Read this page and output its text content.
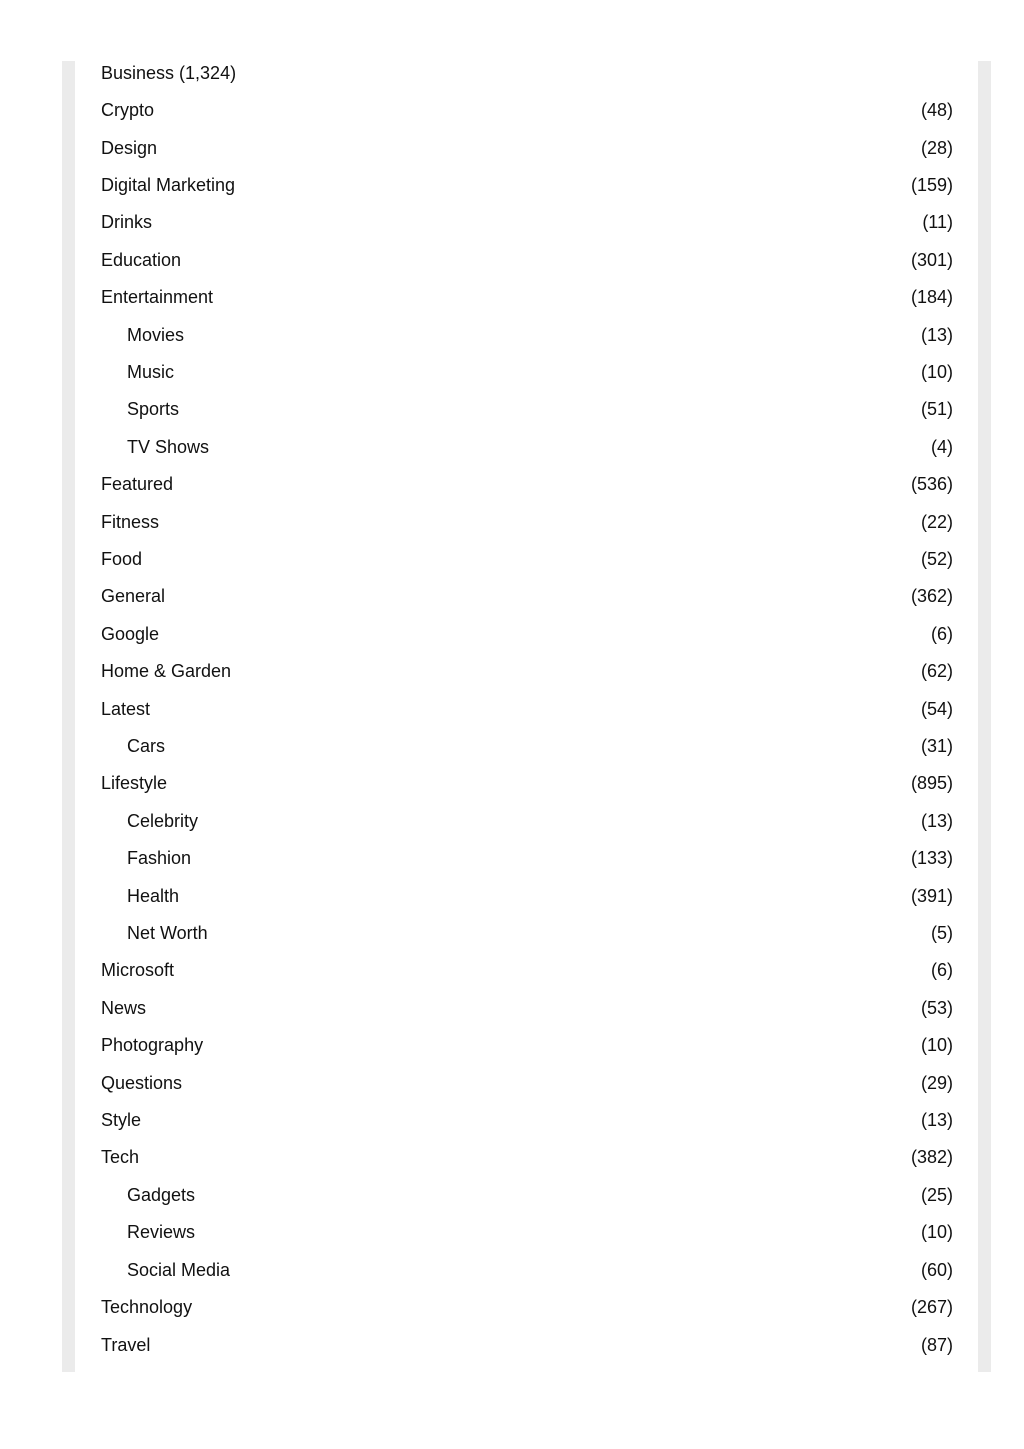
Business (1,324)
Crypto	(48)
Design	(28)
Digital Marketing	(159)
Drinks	(11)
Education	(301)
Entertainment	(184)
Movies	(13)
Music	(10)
Sports	(51)
TV Shows	(4)
Featured	(536)
Fitness	(22)
Food	(52)
General	(362)
Google	(6)
Home & Garden	(62)
Latest	(54)
Cars	(31)
Lifestyle	(895)
Celebrity	(13)
Fashion	(133)
Health	(391)
Net Worth	(5)
Microsoft	(6)
News	(53)
Photography	(10)
Questions	(29)
Style	(13)
Tech	(382)
Gadgets	(25)
Reviews	(10)
Social Media	(60)
Technology	(267)
Travel	(87)
